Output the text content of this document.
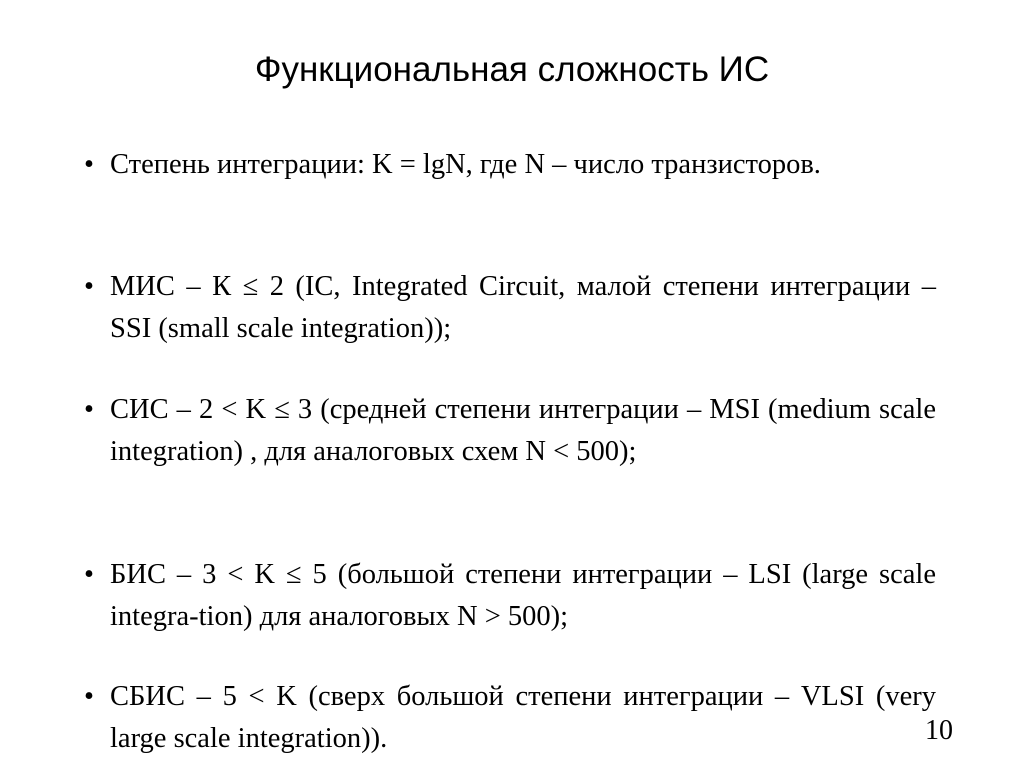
Функциональная сложность ИС
• Степень интеграции: K = lgN, где N – число транзисторов.
• МИС – К ≤ 2 (IC, Integrated Circuit, малой степени интеграции – SSI (small scale integration));
• СИС – 2 < K ≤ 3 (средней степени интеграции – MSI (medium scale integration) , для аналоговых схем N < 500);
• БИС – 3 < K ≤ 5 (большой степени интеграции – LSI (large scale integra-tion) для аналоговых N > 500);
• СБИС – 5 < K (сверх большой степени интеграции – VLSI (very large scale integration)).	10
